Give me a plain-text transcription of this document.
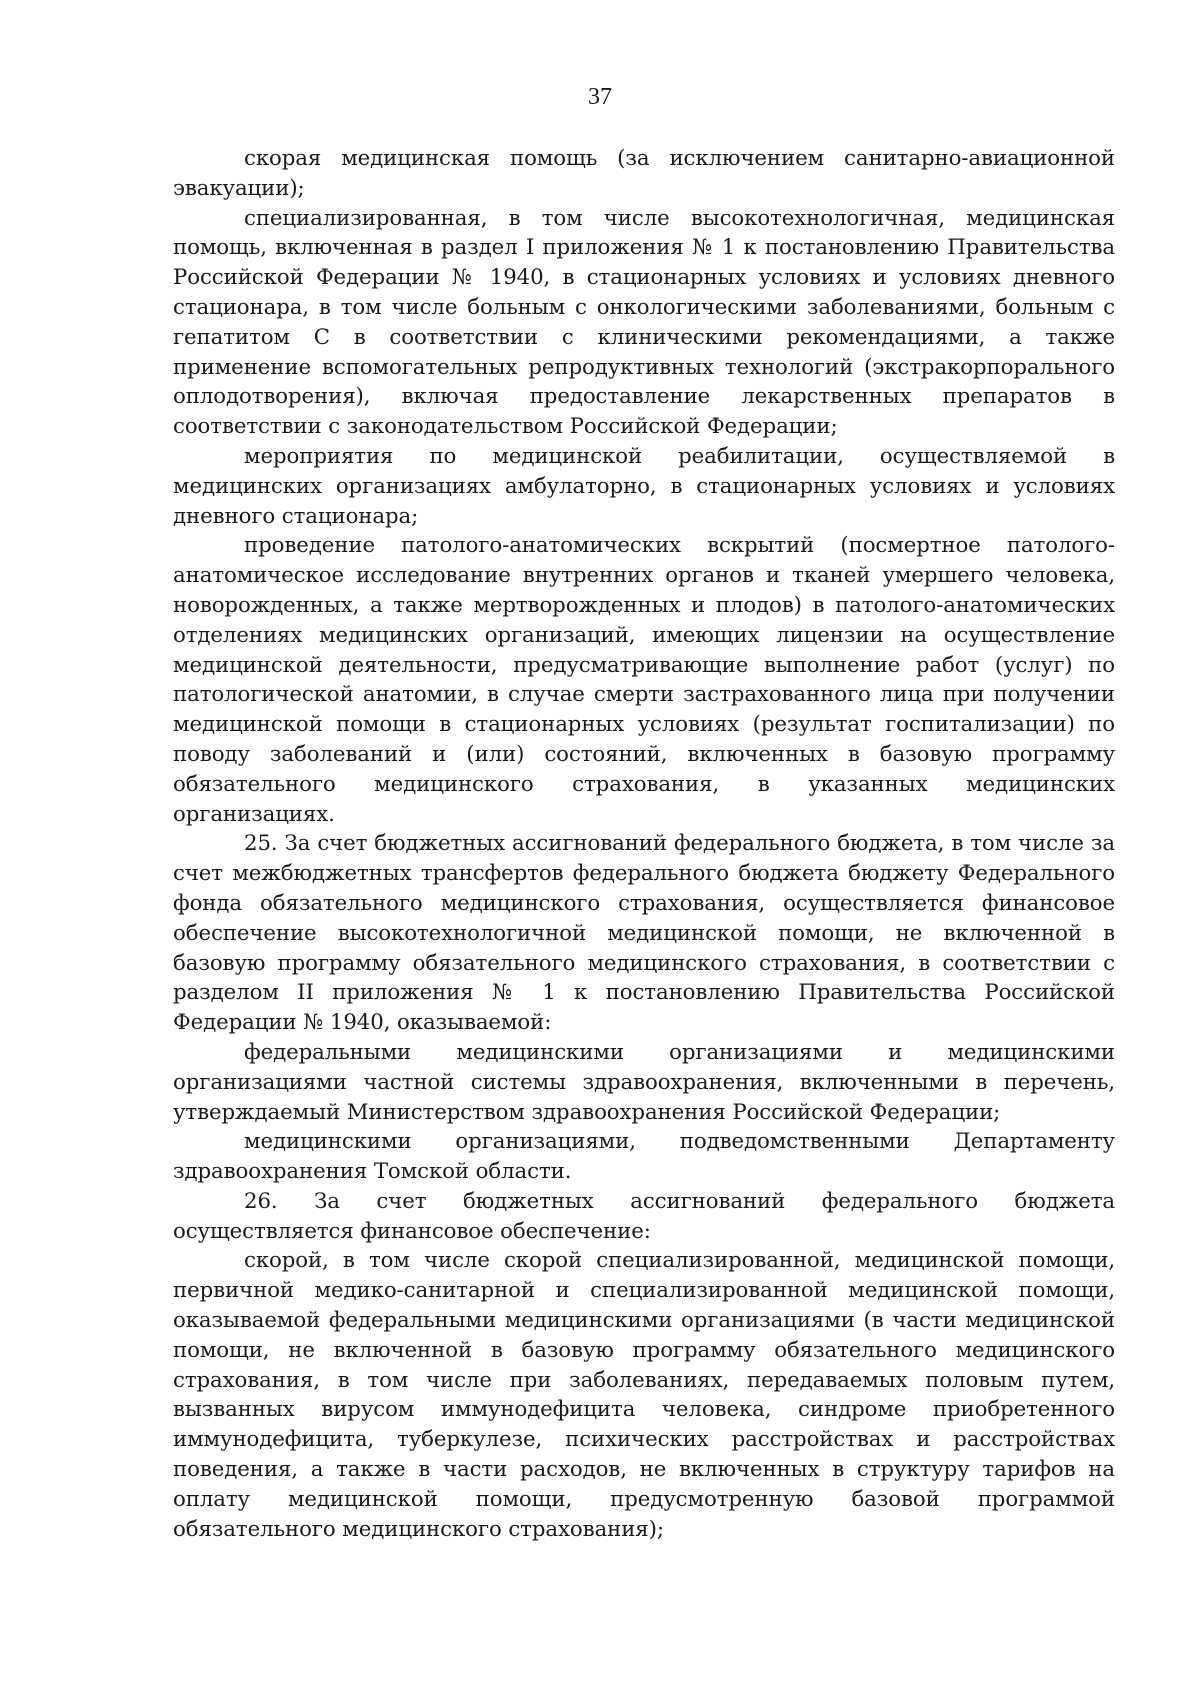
37

скорая медицинская помощь (за исключением санитарно-авиационной эвакуации);

специализированная, в том числе высокотехнологичная, медицинская помощь, включенная в раздел I приложения № 1 к постановлению Правительства Российской Федерации № 1940, в стационарных условиях и условиях дневного стационара, в том числе больным с онкологическими заболеваниями, больным с гепатитом С в соответствии с клиническими рекомендациями, а также применение вспомогательных репродуктивных технологий (экстракорпорального оплодотворения), включая предоставление лекарственных препаратов в соответствии с законодательством Российской Федерации;

мероприятия по медицинской реабилитации, осуществляемой в медицинских организациях амбулаторно, в стационарных условиях и условиях дневного стационара;

проведение патолого-анатомических вскрытий (посмертное патолого-анатомическое исследование внутренних органов и тканей умершего человека, новорожденных, а также мертворожденных и плодов) в патолого-анатомических отделениях медицинских организаций, имеющих лицензии на осуществление медицинской деятельности, предусматривающие выполнение работ (услуг) по патологической анатомии, в случае смерти застрахованного лица при получении медицинской помощи в стационарных условиях (результат госпитализации) по поводу заболеваний и (или) состояний, включенных в базовую программу обязательного медицинского страхования, в указанных медицинских организациях.

25. За счет бюджетных ассигнований федерального бюджета, в том числе за счет межбюджетных трансфертов федерального бюджета бюджету Федерального фонда обязательного медицинского страхования, осуществляется финансовое обеспечение высокотехнологичной медицинской помощи, не включенной в базовую программу обязательного медицинского страхования, в соответствии с разделом II приложения № 1 к постановлению Правительства Российской Федерации № 1940, оказываемой:

федеральными медицинскими организациями и медицинскими организациями частной системы здравоохранения, включенными в перечень, утверждаемый Министерством здравоохранения Российской Федерации;

медицинскими организациями, подведомственными Департаменту здравоохранения Томской области.

26. За счет бюджетных ассигнований федерального бюджета осуществляется финансовое обеспечение:

скорой, в том числе скорой специализированной, медицинской помощи, первичной медико-санитарной и специализированной медицинской помощи, оказываемой федеральными медицинскими организациями (в части медицинской помощи, не включенной в базовую программу обязательного медицинского страхования, в том числе при заболеваниях, передаваемых половым путем, вызванных вирусом иммунодефицита человека, синдроме приобретенного иммунодефицита, туберкулезе, психических расстройствах и расстройствах поведения, а также в части расходов, не включенных в структуру тарифов на оплату медицинской помощи, предусмотренную базовой программой обязательного медицинского страхования);
